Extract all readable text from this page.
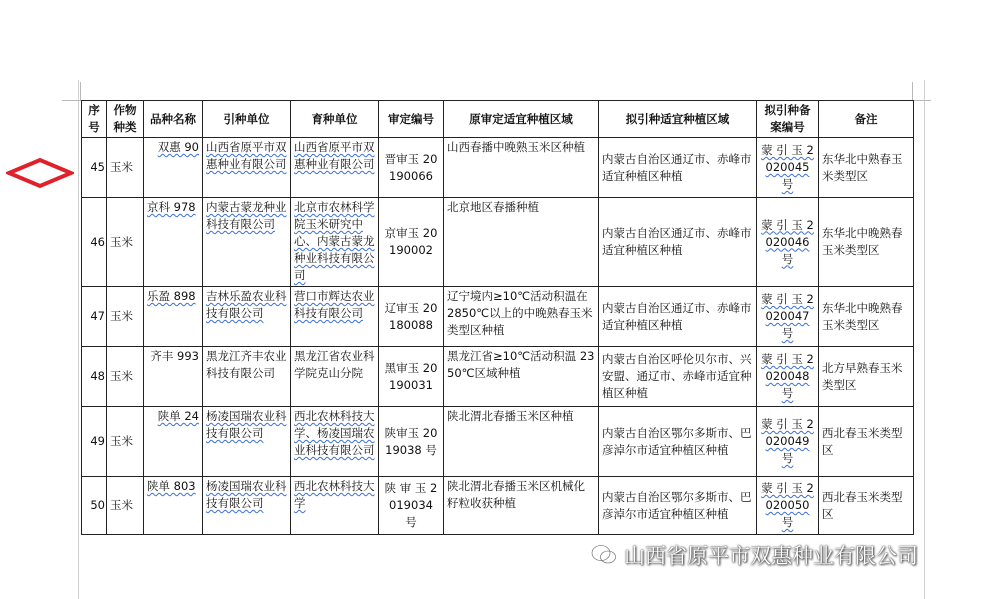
序号	作物种类	品种名称	引种单位	育种单位	审定编号	原审定适宜种植区域	拟引种适宜种植区域	拟引种备案编号	备注
45	玉米	双惠 90	山西省原平市双惠种业有限公司	山西省原平市双惠种业有限公司	晋审玉 20190066	山西春播中晚熟玉米区种植	内蒙古自治区通辽市、赤峰市适宜种植区种植	蒙 引 玉 2020045 号	东华北中熟春玉米类型区
46	玉米	京科 978	内蒙古蒙龙种业科技有限公司	北京市农林科学院玉米研究中心、内蒙古蒙龙种业科技有限公司	京审玉 20190002	北京地区春播种植	内蒙古自治区通辽市、赤峰市适宜种植区种植	蒙 引 玉 2020046 号	东华北中晚熟春玉米类型区
47	玉米	乐盈 898	吉林乐盈农业科技有限公司	营口市辉达农业科技有限公司	辽审玉 20180088	辽宁境内≥10℃活动积温在 2850℃以上的中晚熟春玉米类型区种植	内蒙古自治区通辽市、赤峰市适宜种植区种植	蒙 引 玉 2020047 号	东华北中晚熟春玉米类型区
48	玉米	齐丰 993	黑龙江齐丰农业科技有限公司	黑龙江省农业科学院克山分院	黑审玉 20190031	黑龙江省≥10℃活动积温 2350℃区域种植	内蒙古自治区呼伦贝尔市、兴安盟、通辽市、赤峰市适宜种植区种植	蒙 引 玉 2020048 号	北方早熟春玉米类型区
49	玉米	陕单 24	杨凌国瑞农业科技有限公司	西北农林科技大学、杨凌国瑞农业科技有限公司	陕审玉 2019038 号	陕北渭北春播玉米区种植	内蒙古自治区鄂尔多斯市、巴彦淖尔市适宜种植区种植	蒙 引 玉 2020049 号	西北春玉米类型区
50	玉米	陕单 803	杨凌国瑞农业科技有限公司	西北农林科技大学	陕 审 玉 2019034 号	陕北渭北春播玉米区机械化籽粒收获种植	内蒙古自治区鄂尔多斯市、巴彦淖尔市适宜种植区种植	蒙 引 玉 2020050 号	西北春玉米类型区
山西省原平市双惠种业有限公司
